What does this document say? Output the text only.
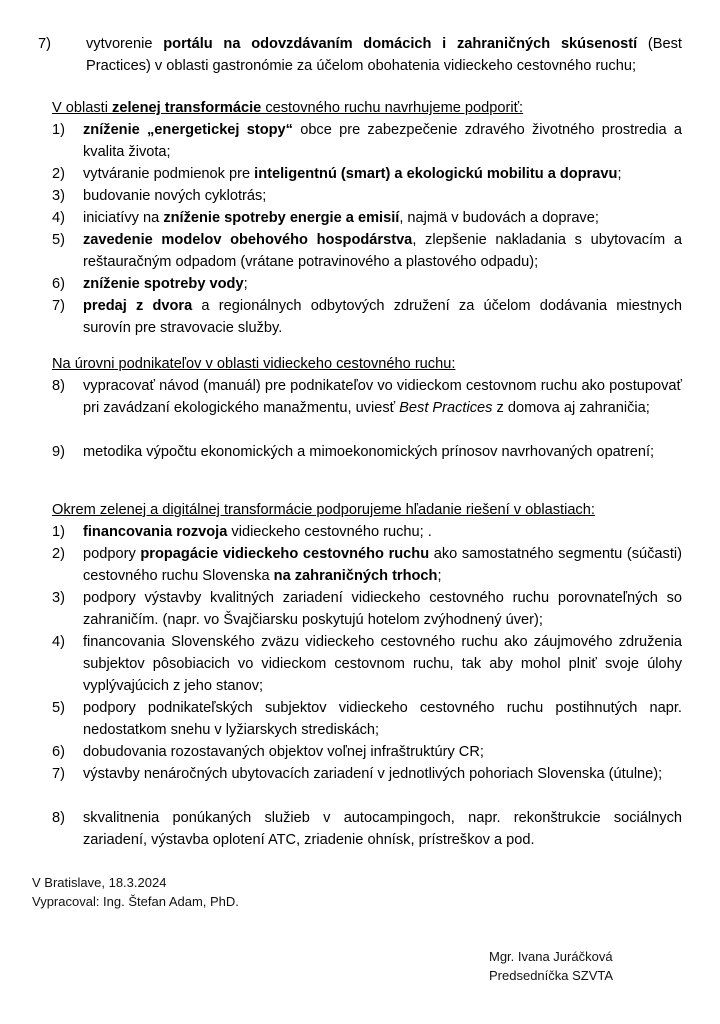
7)	vytvorenie portálu na odovzdávaním domácich i zahraničných skúseností (Best Practices) v oblasti gastronómie za účelom obohatenia vidieckeho cestovného ruchu;
V oblasti zelenej transformácie cestovného ruchu navrhujeme podporiť:
1)	zníženie „energetickej stopy“ obce pre zabezpečenie zdravého životného prostredia a kvalita života;
2)	vytváranie podmienok pre inteligentnú (smart) a ekologickú mobilitu a dopravu;
3)	budovanie nových cyklotrás;
4)	iniciatívy na zníženie spotreby energie a emisií, najmä v budovách a doprave;
5)	zavedenie modelov obehového hospodárstva, zlepšenie nakladania s ubytovacím a reštauračným odpadom (vrátane potravinového a plastového odpadu);
6)	zníženie spotreby vody;
7)	predaj z dvora a regionálnych odbytových združení za účelom dodávania miestnych surovín pre stravovacie služby.
Na úrovni podnikateľov v oblasti vidieckeho cestovného ruchu:
8)	vypracovať návod (manuál) pre podnikateľov vo vidieckom cestovnom ruchu ako postupovať pri zavádzaní ekologického manažmentu, uviesť Best Practices z domova aj zahraničia;
9)	metodika výpočtu ekonomických a mimoekonomických prínosov navrhovaných opatrení;
Okrem zelenej a digitálnej transformácie podporujeme hľadanie riešení v oblastiach:
1)	financovania rozvoja vidieckeho cestovného ruchu; .
2)	podpory propagácie vidieckeho cestovného ruchu ako samostatného segmentu (súčasti) cestovného ruchu Slovenska na zahraničných trhoch;
3)	podpory výstavby kvalitných zariadení vidieckeho cestovného ruchu porovnateľných so zahraničím. (napr. vo Švajčiarsku poskytujú hotelom zvýhodnený úver);
4)	financovania Slovenského zväzu vidieckeho cestovného ruchu ako záujmového združenia subjektov pôsobiacich vo vidieckom cestovnom ruchu, tak aby mohol plniť svoje úlohy vyplývajúcich z jeho stanov;
5)	podpory podnikateľských subjektov vidieckeho cestovného ruchu postihnutých napr. nedostatkom snehu v lyžiarskych strediskách;
6)	dobudovania rozostavaných objektov voľnej infraštruktúry CR;
7)	výstavby nenáročných ubytovacích zariadení v jednotlivých pohoriach Slovenska (útulne);
8)	skvalitnenia ponúkaných služieb v autocampingoch, napr. rekonštrukcie sociálnych zariadení, výstavba oplotení ATC, zriadenie ohnísk, prístreškov a pod.
V Bratislave, 18.3.2024
Vypracoval: Ing. Štefan Adam, PhD.
Mgr. Ivana Juráčková
Predsedníčka SZVTA
